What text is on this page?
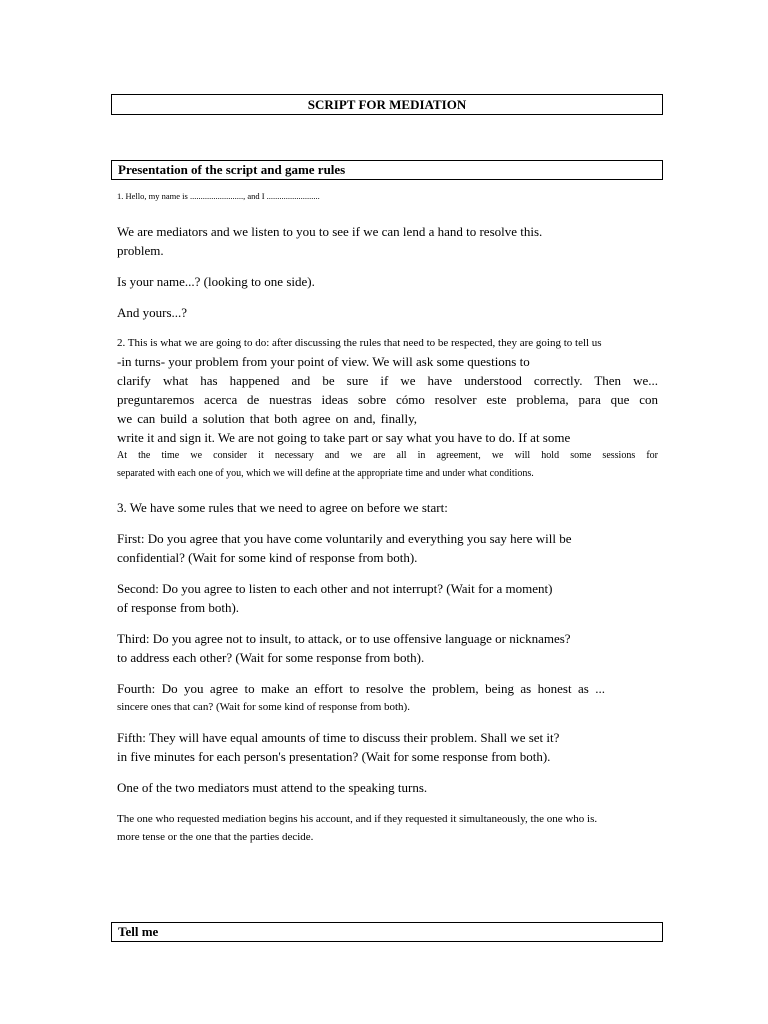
SCRIPT FOR MEDIATION
Presentation of the script and game rules

1. Hello, my name is ........................., and I .........................

We are mediators and we listen to you to see if we can lend a hand to resolve this.

problem.

Is your name...? (looking to one side).

And yours...?

2. This is what we are going to do: after discussing the rules that need to be respected, they are going to tell us

-in turns- your problem from your point of view. We will ask some questions to

clarify what has happened and be sure if we have understood correctly. Then we...

preguntaremos acerca de nuestras ideas sobre cómo resolver este problema, para que con

we can build a solution that both agree on and, finally,

write it and sign it. We are not going to take part or say what you have to do. If at some

At the time we consider it necessary and we are all in agreement, we will hold some sessions for

separated with each one of you, which we will define at the appropriate time and under what conditions.

3. We have some rules that we need to agree on before we start:

First: Do you agree that you have come voluntarily and everything you say here will be

confidential? (Wait for some kind of response from both).

Second: Do you agree to listen to each other and not interrupt? (Wait for a moment)

of response from both).

Third: Do you agree not to insult, to attack, or to use offensive language or nicknames?

to address each other? (Wait for some response from both).

Fourth: Do you agree to make an effort to resolve the problem, being as honest as ...

sincere ones that can? (Wait for some kind of response from both).

Fifth: They will have equal amounts of time to discuss their problem. Shall we set it?

in five minutes for each person's presentation? (Wait for some response from both).

One of the two mediators must attend to the speaking turns.

The one who requested mediation begins his account, and if they requested it simultaneously, the one who is.

more tense or the one that the parties decide.

Tell me
